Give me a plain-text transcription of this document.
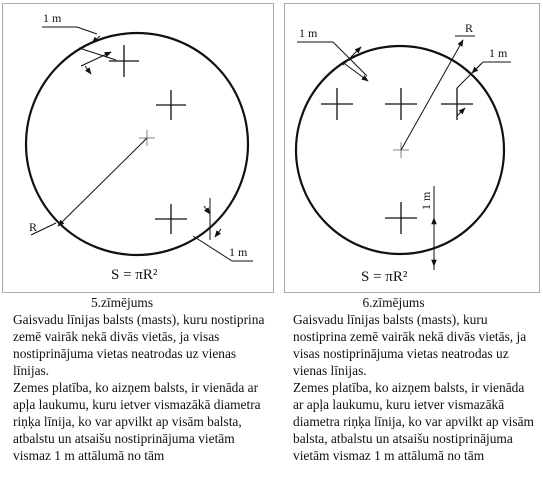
R
1 m
1 m
S = πR²
R
1 m
1 m
1 m
S = πR²
5.zīmējums
Gaisvadu līnijas balsts (masts), kuru nostiprina zemē vairāk nekā divās vietās, ja visas nostiprinājuma vietas neatrodas uz vienas līnijas.
Zemes platība, ko aizņem balsts, ir vienāda ar apļa laukumu, kuru ietver vismazākā diametra riņķa līnija, ko var apvilkt ap visām balsta, atbalstu un atsaišu nostiprinājuma vietām vismaz 1 m attālumā no tām
6.zīmējums
Gaisvadu līnijas balsts (masts), kuru nostiprina zemē vairāk nekā divās vietās, ja visas nostiprinājuma vietas neatrodas uz vienas līnijas.
Zemes platība, ko aizņem balsts, ir vienāda ar apļa laukumu, kuru ietver vismazākā diametra riņķa līnija, ko var apvilkt ap visām balsta, atbalstu un atsaišu nostiprinājuma vietām vismaz 1 m attālumā no tām
